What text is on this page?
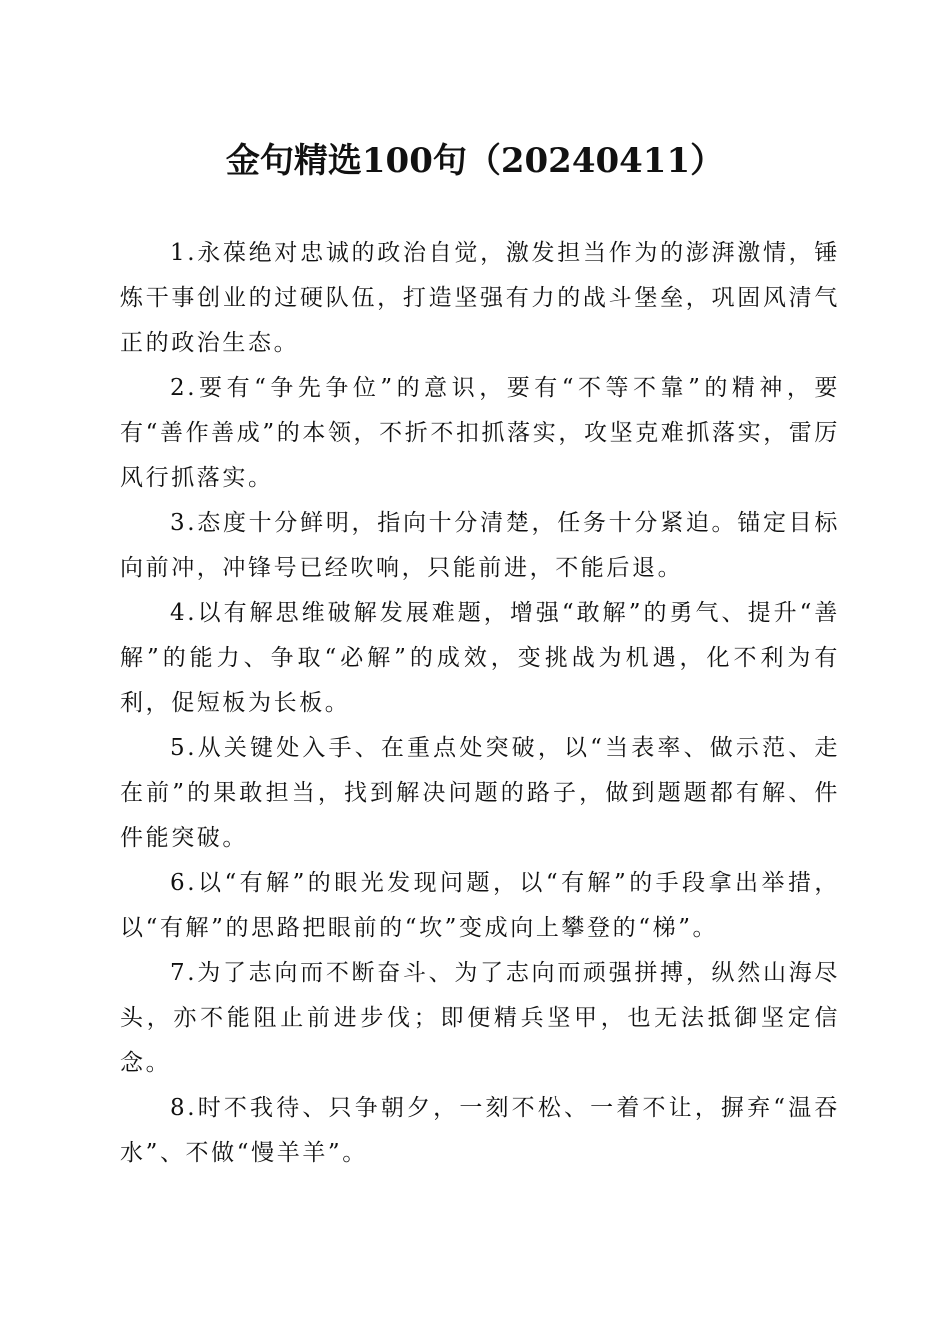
金句精选100句（20240411）

1.永葆绝对忠诚的政治自觉，激发担当作为的澎湃激情，锤炼干事创业的过硬队伍，打造坚强有力的战斗堡垒，巩固风清气正的政治生态。

2.要有“争先争位”的意识，要有“不等不靠”的精神，要有“善作善成”的本领，不折不扣抓落实，攻坚克难抓落实，雷厉风行抓落实。

3.态度十分鲜明，指向十分清楚，任务十分紧迫。锚定目标向前冲，冲锋号已经吹响，只能前进，不能后退。

4.以有解思维破解发展难题，增强“敢解”的勇气、提升“善解”的能力、争取“必解”的成效，变挑战为机遇，化不利为有利，促短板为长板。

5.从关键处入手、在重点处突破，以“当表率、做示范、走在前”的果敢担当，找到解决问题的路子，做到题题都有解、件件能突破。

6.以“有解”的眼光发现问题，以“有解”的手段拿出举措，以“有解”的思路把眼前的“坎”变成向上攀登的“梯”。

7.为了志向而不断奋斗、为了志向而顽强拼搏，纵然山海尽头，亦不能阻止前进步伐；即便精兵坚甲，也无法抵御坚定信念。

8.时不我待、只争朝夕，一刻不松、一着不让，摒弃“温吞水”、不做“慢羊羊”。
